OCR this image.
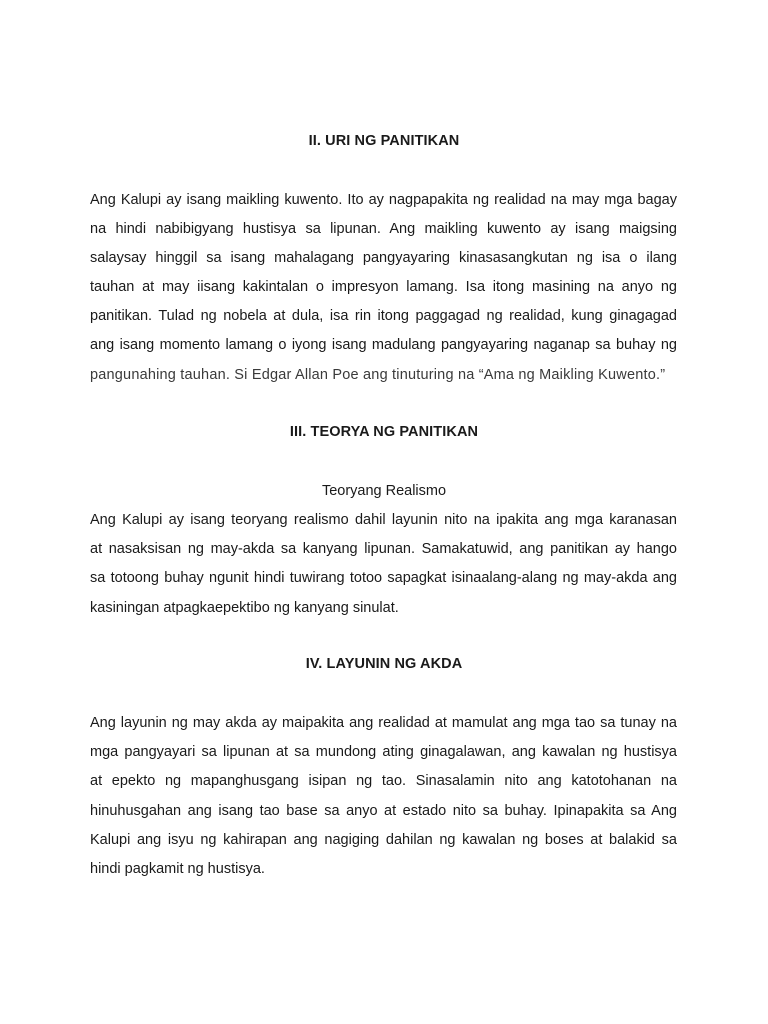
II. URI NG PANITIKAN
Ang Kalupi ay isang maikling kuwento. Ito ay nagpapakita ng realidad na may mga bagay
na hindi nabibigyang hustisya sa lipunan. Ang maikling kuwento ay isang maigsing
salaysay hinggil sa isang mahalagang pangyayaring kinasasangkutan ng isa o ilang
tauhan at may iisang kakintalan o impresyon lamang. Isa itong masining na anyo ng
panitikan. Tulad ng nobela at dula, isa rin itong paggagad ng realidad, kung ginagagad
ang isang momento lamang o iyong isang madulang pangyayaring naganap sa buhay ng
pangunahing tauhan. Si Edgar Allan Poe ang tinuturing na “Ama ng Maikling Kuwento.”
III. TEORYA NG PANITIKAN
Teoryang Realismo
Ang Kalupi ay isang teoryang realismo dahil layunin nito na ipakita ang mga karanasan
at nasaksisan ng may-akda sa kanyang lipunan. Samakatuwid, ang panitikan ay hango
sa totoong buhay ngunit hindi tuwirang totoo sapagkat isinaalang-alang ng may-akda ang
kasiningan atpagkaepektibo ng kanyang sinulat.
IV. LAYUNIN NG AKDA
Ang layunin ng may akda ay maipakita ang realidad at mamulat ang mga tao sa tunay na
mga pangyayari sa lipunan at sa mundong ating ginagalawan, ang kawalan ng hustisya
at epekto ng mapanghusgang isipan ng tao. Sinasalamin nito ang katotohanan na
hinuhusgahan ang isang tao base sa anyo at estado nito sa buhay. Ipinapakita sa Ang
Kalupi ang isyu ng kahirapan ang nagiging dahilan ng kawalan ng boses at balakid sa
hindi pagkamit ng hustisya.
